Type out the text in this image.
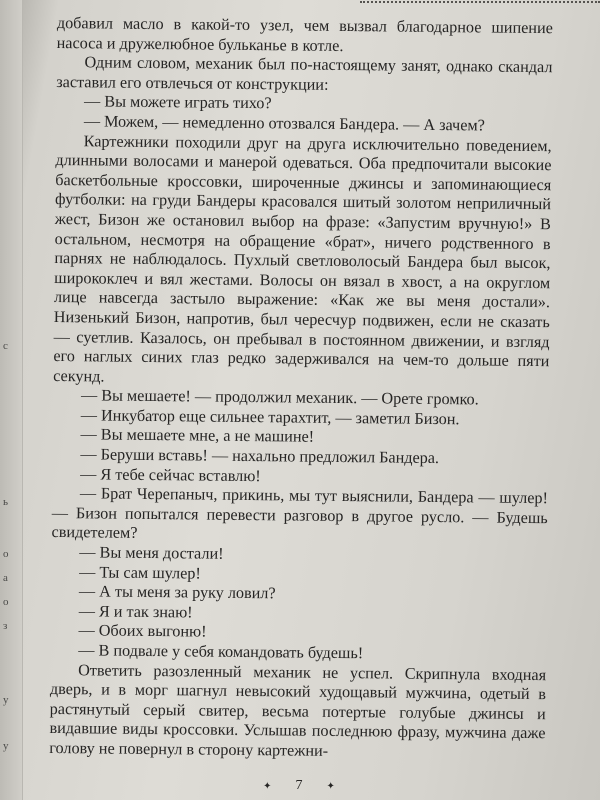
с
ь
о
а
о
з
у
у

добавил масло в какой-то узел, чем вызвал благодарное шипение насоса и дружелюбное бульканье в котле.

Одним словом, механик был по-настоящему занят, однако скандал заставил его отвлечься от конструкции:

— Вы можете играть тихо?

— Можем, — немедленно отозвался Бандера. — А зачем?

Картежники походили друг на друга исключительно поведением, длинными волосами и манерой одеваться. Оба предпочитали высокие баскетбольные кроссовки, широченные джинсы и запоминающиеся футболки: на груди Бандеры красовался шитый золотом неприличный жест, Бизон же остановил выбор на фразе: «Запустим вручную!» В остальном, несмотря на обращение «брат», ничего родственного в парнях не наблюдалось. Пухлый светловолосый Бандера был высок, ширококлеч и вял жестами. Волосы он вязал в хвост, а на округлом лице навсегда застыло выражение: «Как же вы меня достали». Низенький Бизон, напротив, был чересчур подвижен, если не сказать — суетлив. Казалось, он пребывал в постоянном движении, и взгляд его наглых синих глаз редко задерживался на чем-то дольше пяти секунд.

— Вы мешаете! — продолжил механик. — Орете громко.

— Инкубатор еще сильнее тарахтит, — заметил Бизон.

— Вы мешаете мне, а не машине!

— Беруши вставь! — нахально предложил Бандера.

— Я тебе сейчас вставлю!

— Брат Черепаныч, прикинь, мы тут выяснили, Бандера — шулер! — Бизон попытался перевести разговор в другое русло. — Будешь свидетелем?

— Вы меня достали!

— Ты сам шулер!

— А ты меня за руку ловил?

— Я и так знаю!

— Обоих выгоню!

— В подвале у себя командовать будешь!

Ответить разозленный механик не успел. Скрипнула входная дверь, и в морг шагнул невысокий худощавый мужчина, одетый в растянутый серый свитер, весьма потертые голубые джинсы и видавшие виды кроссовки. Услышав последнюю фразу, мужчина даже голову не повернул в сторону картежни-

✦ 7 ✦
